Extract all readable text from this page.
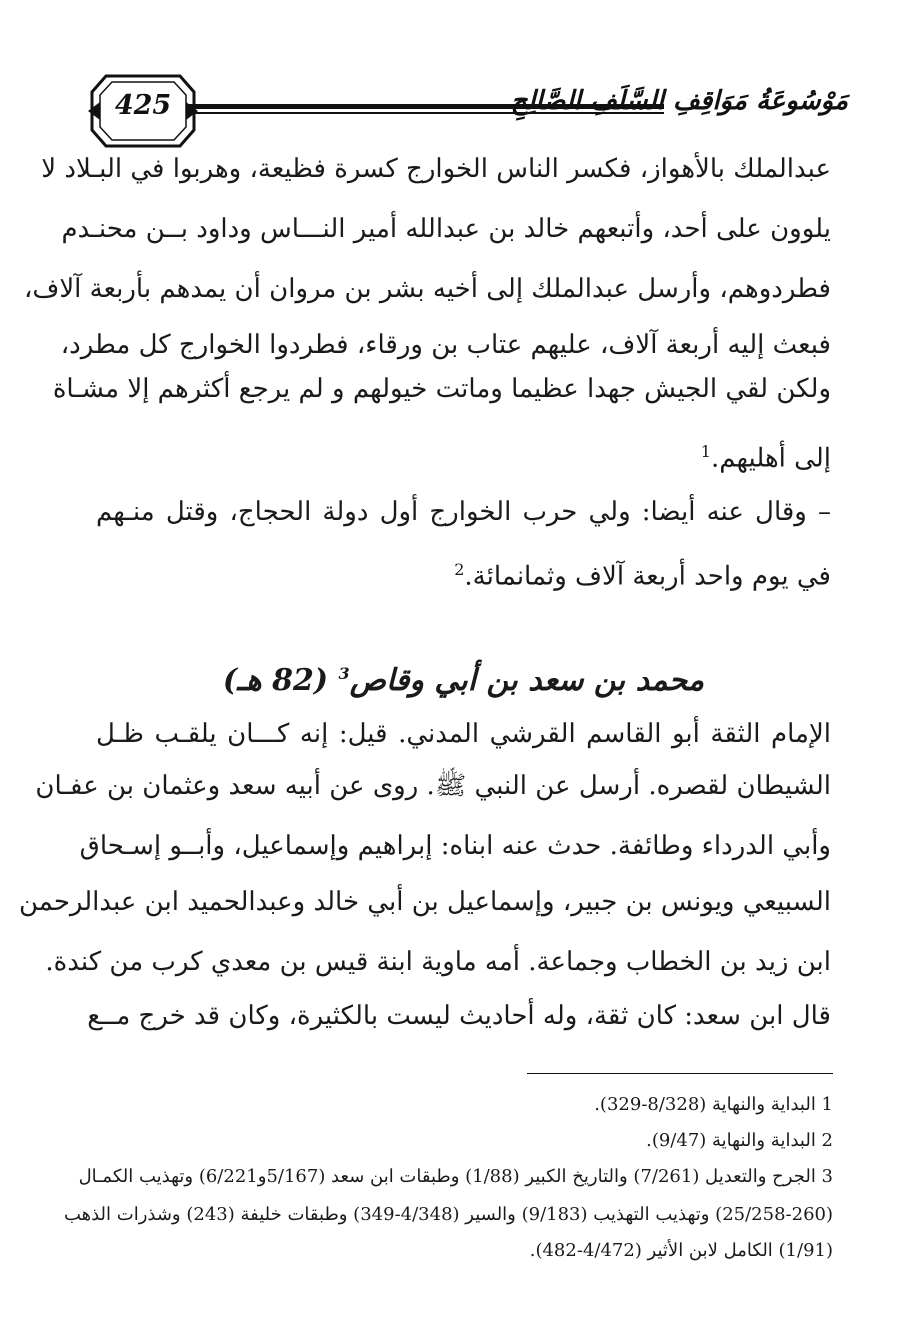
425	مَوْسُوعَةُ مَوَاقِفِ السَّلَفِ الصَّالِحِ
عبدالملك بالأهواز، فكسر الناس الخوارج كسرة فظيعة، وهربوا في البـلاد لا
يلوون على أحد، وأتبعهم خالد بن عبدالله أمير النـــاس وداود بــن محنـدم
فطردوهم، وأرسل عبدالملك إلى أخيه بشر بن مروان أن يمدهم بأربعة آلاف،
فبعث إليه أربعة آلاف، عليهم عتاب بن ورقاء، فطردوا الخوارج كل مطرد،
ولكن لقي الجيش جهدا عظيما وماتت خيولهم و لم يرجع أكثرهم إلا مشـاة
إلى أهليهم.$^1$
– وقال عنه أيضا: ولي حرب الخوارج أول دولة الحجاج، وقتل منـهم
في يوم واحد أربعة آلاف وثمانمائة.$^2$
محمد بن سعد بن أبي وقاص$^3$ (82 هـ)
الإمام الثقة أبو القاسم القرشي المدني. قيل: إنه كـــان يلقـب ظـل
الشيطان لقصره. أرسل عن النبي ﷺ. روى عن أبيه سعد وعثمان بن عفـان
وأبي الدرداء وطائفة. حدث عنه ابناه: إبراهيم وإسماعيل، وأبــو إسـحاق
السبيعي ويونس بن جبير، وإسماعيل بن أبي خالد وعبدالحميد ابن عبدالرحمن
ابن زيد بن الخطاب وجماعة. أمه ماوية ابنة قيس بن معدي كرب من كندة.
قال ابن سعد: كان ثقة، وله أحاديث ليست بالكثيرة، وكان قد خرج مــع
1 البداية والنهاية (8/328-329).
2 البداية والنهاية (9/47).
3 الجرح والتعديل (7/261) والتاريخ الكبير (1/88) وطبقات ابن سعد (5/167و6/221) وتهذيب الكمـال
(25/258-260) وتهذيب التهذيب (9/183) والسير (4/348-349) وطبقات خليفة (243) وشذرات الذهب
(1/91) الكامل لابن الأثير (4/472-482).
